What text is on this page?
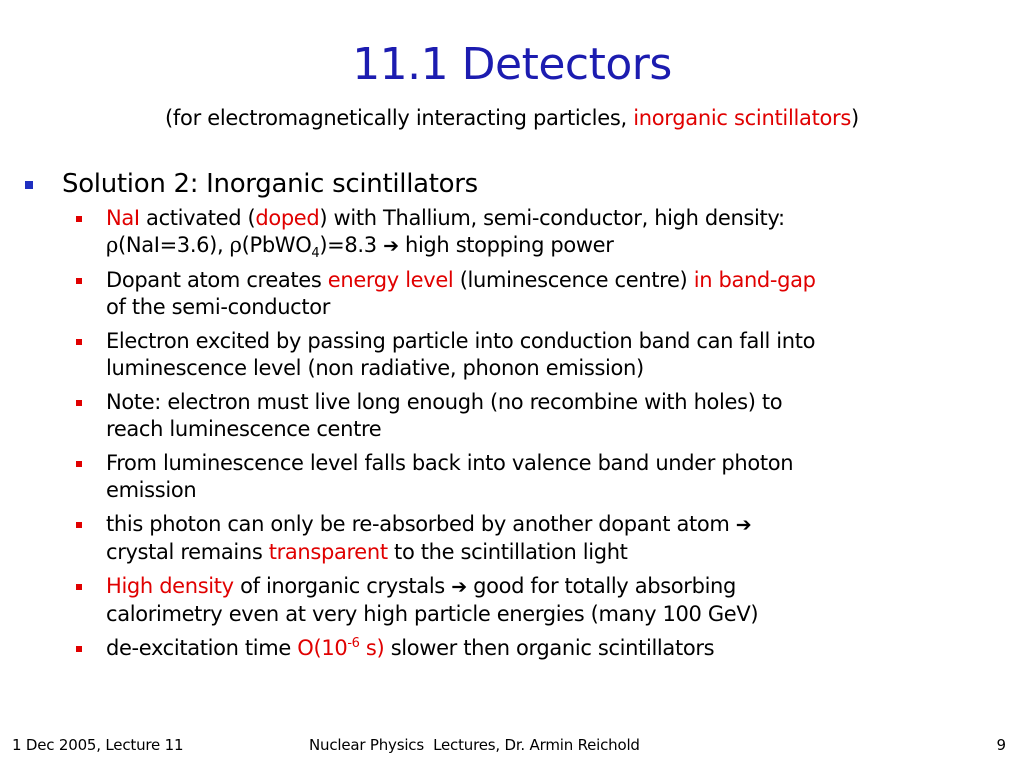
11.1 Detectors
(for electromagnetically interacting particles, inorganic scintillators)
Solution 2: Inorganic scintillators
NaI activated (doped) with Thallium, semi-conductor, high density:
ρ(NaI=3.6), ρ(PbWO$_4$)=8.3 ➔ high stopping power
Dopant atom creates energy level (luminescence centre) in band-gap
of the semi-conductor
Electron excited by passing particle into conduction band can fall into
luminescence level (non radiative, phonon emission)
Note: electron must live long enough (no recombine with holes) to
reach luminescence centre
From luminescence level falls back into valence band under photon
emission
this photon can only be re-absorbed by another dopant atom ➔
crystal remains transparent to the scintillation light
High density of inorganic crystals ➔ good for totally absorbing
calorimetry even at very high particle energies (many 100 GeV)
de-excitation time $O(10^{-6}$ s) slower then organic scintillators
1 Dec 2005, Lecture 11	Nuclear Physics  Lectures, Dr. Armin Reichold	9
